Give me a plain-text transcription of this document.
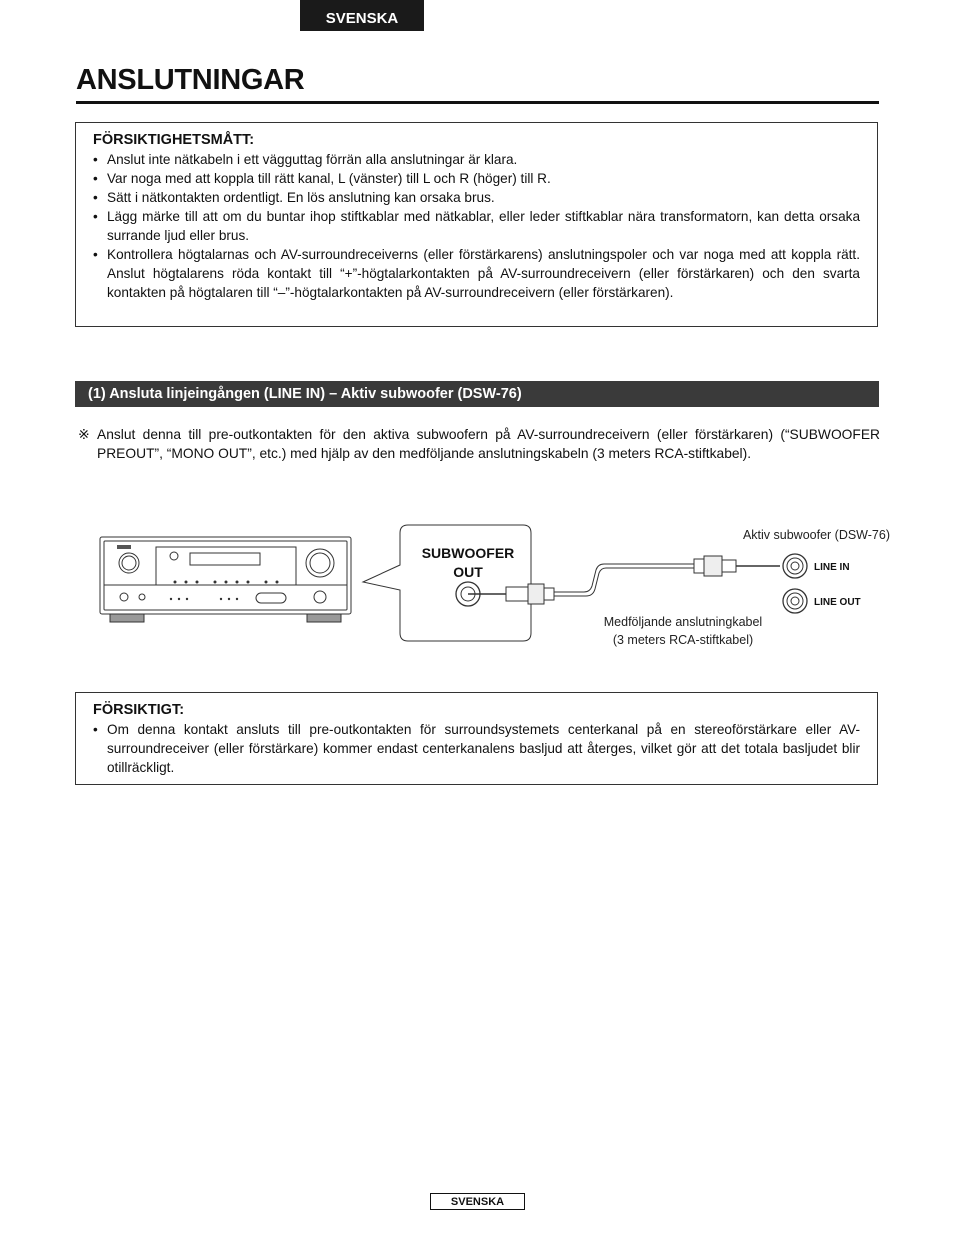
SVENSKA
ANSLUTNINGAR
FÖRSIKTIGHETSMÅTT:
• Anslut inte nätkabeln i ett vägguttag förrän alla anslutningar är klara.
• Var noga med att koppla till rätt kanal, L (vänster) till L och R (höger) till R.
• Sätt i nätkontakten ordentligt. En lös anslutning kan orsaka brus.
• Lägg märke till att om du buntar ihop stiftkablar med nätkablar, eller leder stiftkablar nära transformatorn, kan detta orsaka surrande ljud eller brus.
• Kontrollera högtalarnas och AV-surroundreceiverns (eller förstärkarens) anslutningspoler och var noga med att koppla rätt. Anslut högtalarens röda kontakt till “+”-högtalarkontakten på AV-surroundreceivern (eller förstärkaren) och den svarta kontakten på högtalaren till “–”-högtalarkontakten på AV-surroundreceivern (eller förstärkaren).
(1) Ansluta linjeingången (LINE IN) – Aktiv subwoofer (DSW-76)
※ Anslut denna till pre-outkontakten för den aktiva subwoofern på AV-surroundreceivern (eller förstärkaren) (“SUBWOOFER PREOUT”, “MONO OUT”, etc.) med hjälp av den medföljande anslutningskabeln (3 meters RCA-stiftkabel).
SUBWOOFER
OUT	LINE IN
LINE OUT
Aktiv subwoofer (DSW-76)
Medföljande anslutningkabel
(3 meters RCA-stiftkabel)
FÖRSIKTIGT:
• Om denna kontakt ansluts till pre-outkontakten för surroundsystemets centerkanal på en stereoförstärkare eller AV-surroundreceiver (eller förstärkare) kommer endast centerkanalens basljud att återges, vilket gör att det totala basljudet blir otillräckligt.
SVENSKA
